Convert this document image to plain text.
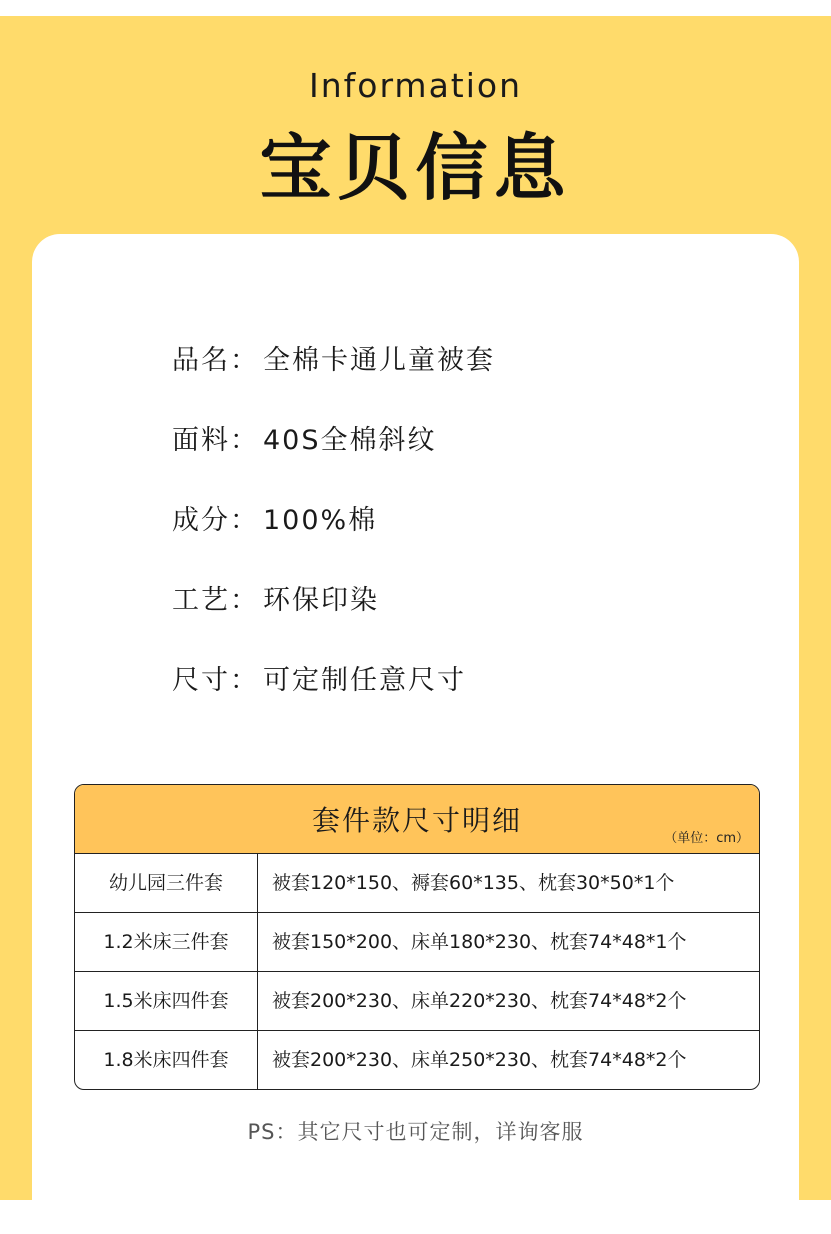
Information
宝贝信息
品名： 全棉卡通儿童被套
面料： 40S全棉斜纹
成分： 100%棉
工艺： 环保印染
尺寸： 可定制任意尺寸
套件款尺寸明细
（单位：cm）
幼儿园三件套	被套120*150、褥套60*135、枕套30*50*1个
1.2米床三件套	被套150*200、床单180*230、枕套74*48*1个
1.5米床四件套	被套200*230、床单220*230、枕套74*48*2个
1.8米床四件套	被套200*230、床单250*230、枕套74*48*2个
PS：其它尺寸也可定制，详询客服
